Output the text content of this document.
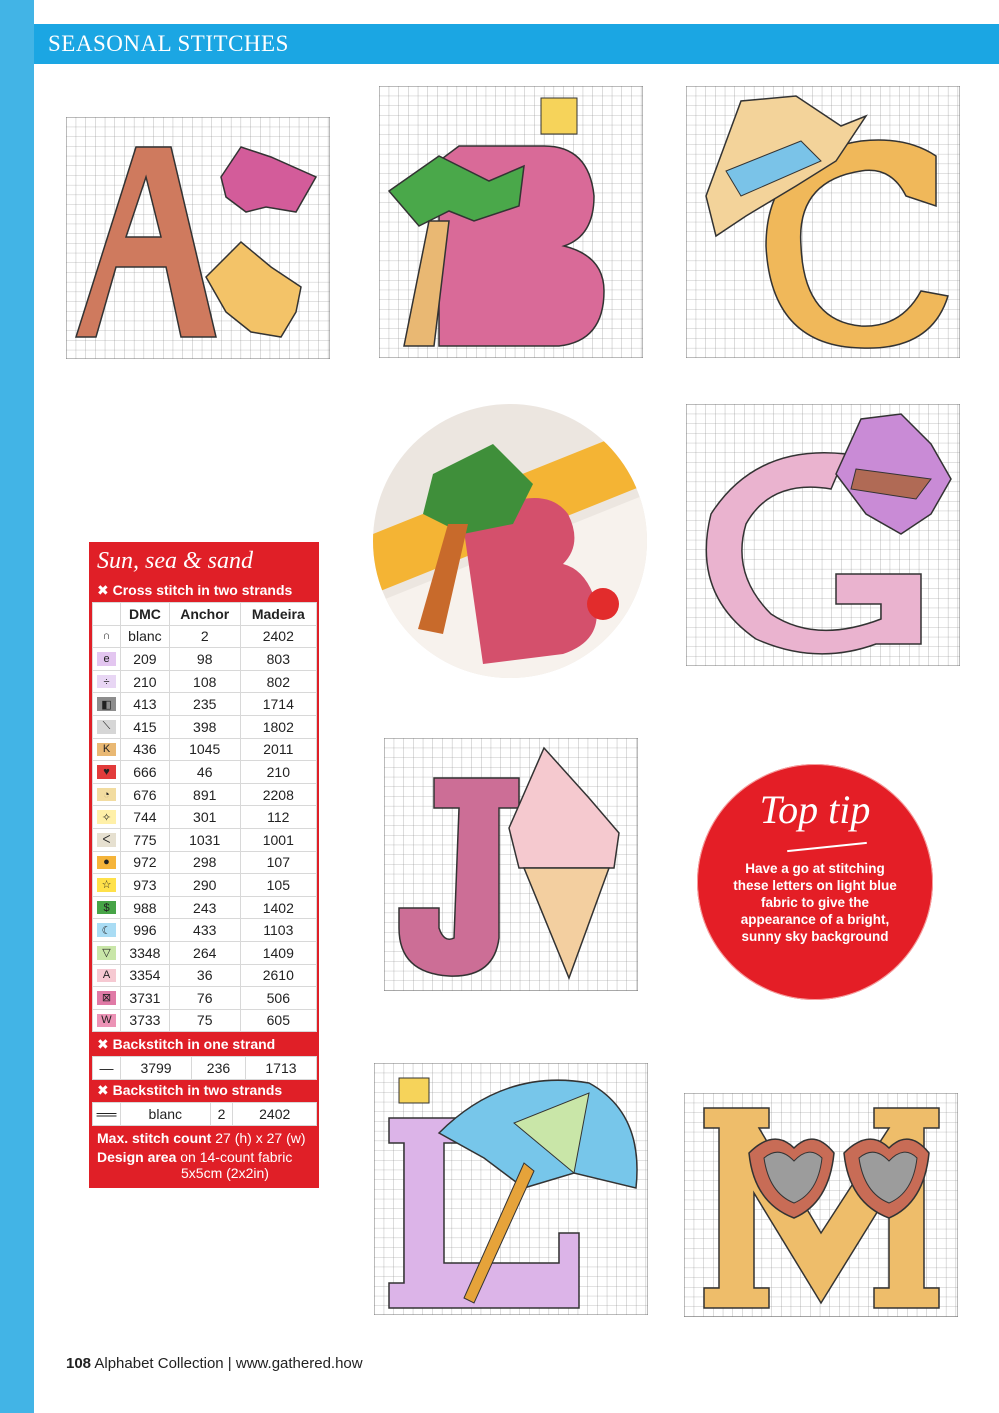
SEASONAL STITCHES
Sun, sea & sand
✖ Cross stitch in two strands
	DMC	Anchor	Madeira
∩	blanc	2	2402
e	209	98	803
÷	210	108	802
◧	413	235	1714
⟍	415	398	1802
K	436	1045	2011
♥	666	46	210
◔	676	891	2208
✧	744	301	112
ᐸ	775	1031	1001
●	972	298	107
☆	973	290	105
$	988	243	1402
☾	996	433	1103
▽	3348	264	1409
A	3354	36	2610
⊠	3731	76	506
W	3733	75	605
✖ Backstitch in one strand
—	3799	236	1713
✖ Backstitch in two strands
══	blanc	2	2402
Max. stitch count 27 (h) x 27 (w)
Design area on 14-count fabric
5x5cm (2x2in)
Top tip
Have a go at stitching these letters on light blue fabric to give the appearance of a bright, sunny sky background
108 Alphabet Collection | www.gathered.how
